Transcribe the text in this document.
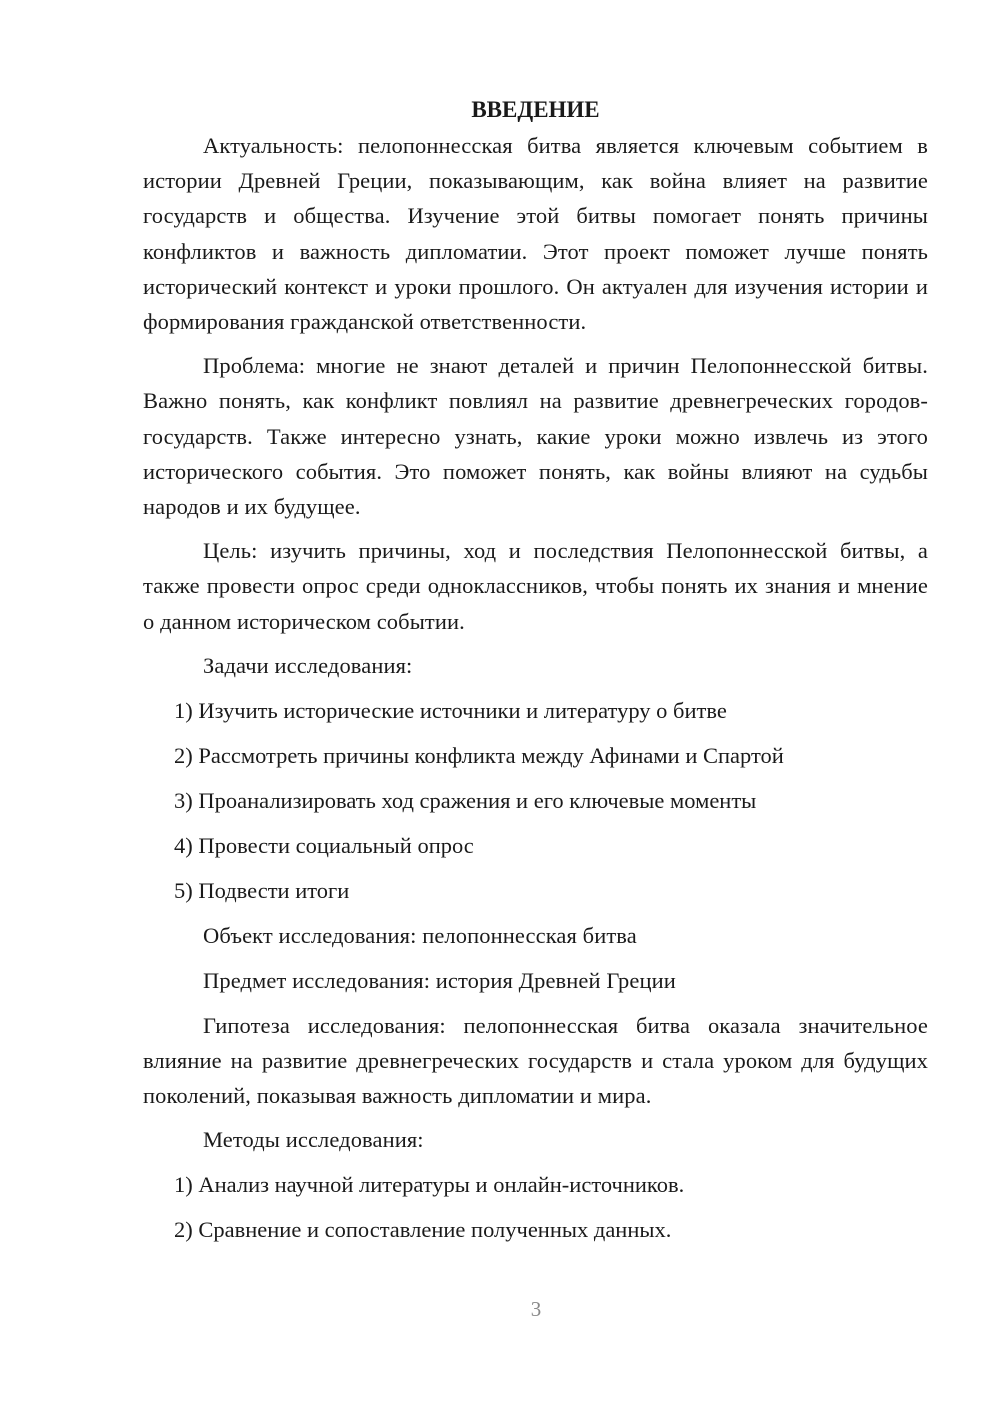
ВВЕДЕНИЕ

Актуальность: пелопоннесская битва является ключевым событием в истории Древней Греции, показывающим, как война влияет на развитие государств и общества. Изучение этой битвы помогает понять причины конфликтов и важность дипломатии. Этот проект поможет лучше понять исторический контекст и уроки прошлого. Он актуален для изучения истории и формирования гражданской ответственности.

Проблема: многие не знают деталей и причин Пелопоннесской битвы. Важно понять, как конфликт повлиял на развитие древнегреческих городов-государств. Также интересно узнать, какие уроки можно извлечь из этого исторического события. Это поможет понять, как войны влияют на судьбы народов и их будущее.

Цель: изучить причины, ход и последствия Пелопоннесской битвы, а также провести опрос среди одноклассников, чтобы понять их знания и мнение о данном историческом событии.

Задачи исследования:

1) Изучить исторические источники и литературу о битве
2) Рассмотреть причины конфликта между Афинами и Спартой
3) Проанализировать ход сражения и его ключевые моменты
4) Провести социальный опрос
5) Подвести итоги

Объект исследования: пелопоннесская битва

Предмет исследования: история Древней Греции

Гипотеза исследования: пелопоннесская битва оказала значительное влияние на развитие древнегреческих государств и стала уроком для будущих поколений, показывая важность дипломатии и мира.

Методы исследования:

1) Анализ научной литературы и онлайн-источников.
2) Сравнение и сопоставление полученных данных.
3
